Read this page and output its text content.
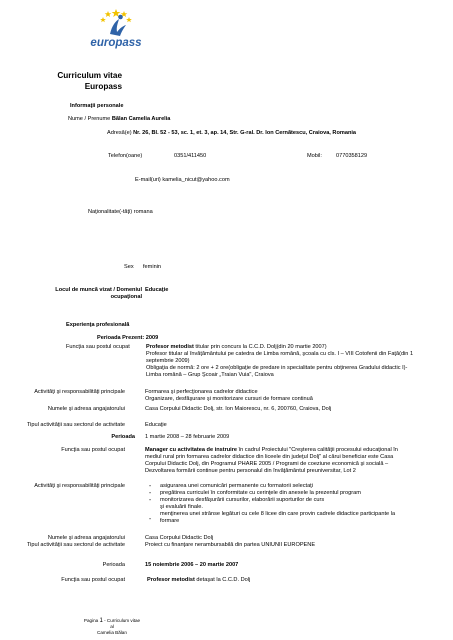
europass
Curriculum vitae
Europass
Informaţii personale
Nume / Prenume Bălan Camelia Aurelia
Adresă(e) Nr. 26, Bl. 52 - 53, sc. 1, et. 3, ap. 14, Str. G-ral. Dr. Ion Cernătescu, Craiova, Romania
Telefon(oane)	0351/411450	Mobil:	0770358129
E-mail(uri) kamelia_nicut@yahoo.com
Naţionalitate(-tăţi) romana
Sex feminin
Locul de muncă vizat / Domeniul
ocupaţional
Educaţie
Experienţa profesională
Perioada Prezent: 2009
Funcţia sau postul ocupat	Profesor metodist titular prin concurs la C.C.D. Dolj(din 20 martie 2007)
Profesor titular al învăţământului pe catedra de Limba română, şcoala cu cls. I – VIII Cotofenii din Faţă(din 1
septembrie 2009)
Obligaţia de normă: 2 ore + 2 ore(obligaţie de predare in specialitate pentru obţinerea Gradului didactic I)-
Limba română – Grup Şcoair „Traian Vuia", Craiova
Activităţi şi responsabilităţi principale	Formarea şi perfecţionarea cadrelor didactice
Organizare, desfăşurare şi monitorizare cursuri de formare continuă
Numele şi adresa angajatorului	Casa Corpului Didactic Dolj, str. Ion Maiorescu, nr. 6, 200760, Craiova, Dolj
Tipul activităţii sau sectorul de activitate	Educaţie
Perioada 1 martie 2008 – 28 februarie 2009
Funcţia sau postul ocupat	Manager cu activitatea de instruire în cadrul Proiectului "Creşterea calităţii procesului educaţional în
mediul rural prin formarea cadrelor didactice din liceele din judeţul Dolj" al cărui beneficiar este Casa
Corpului Didactic Dolj, din Programul PHARE 2005 / Programi de coeziune economică şi socială –
Dezvoltarea formării continue pentru personalul din învăţământul preuniversitar, Lot 2
Activităţi şi responsabilităţi principale	-	asigurarea unei comunicări permanente cu formatorii selectaţi
-	pregătirea curriculei în conformitate cu cerinţele din anexele la prezentul program
-	monitorizarea desfăşurării cursurilor, elaborării suporturilor de curs
şi evaluării finale.
-
menţinerea unei strânse legături cu cele 8 licee din care provin cadrele didactice participante la
formare
Numele şi adresa angajatorului	Casa Corpului Didactic Dolj
Tipul activităţii sau sectorul de activitate	Proiect cu finanţare nerambursabilă din partea UNIUNII EUROPENE
Perioada	15 noiembrie 2006 – 20 martie 2007
Funcţia sau postul ocupat	Profesor metodist detaşat la C.C.D. Dolj
Pagina 1 - Curriculum vitae al
Camelia Bălan
